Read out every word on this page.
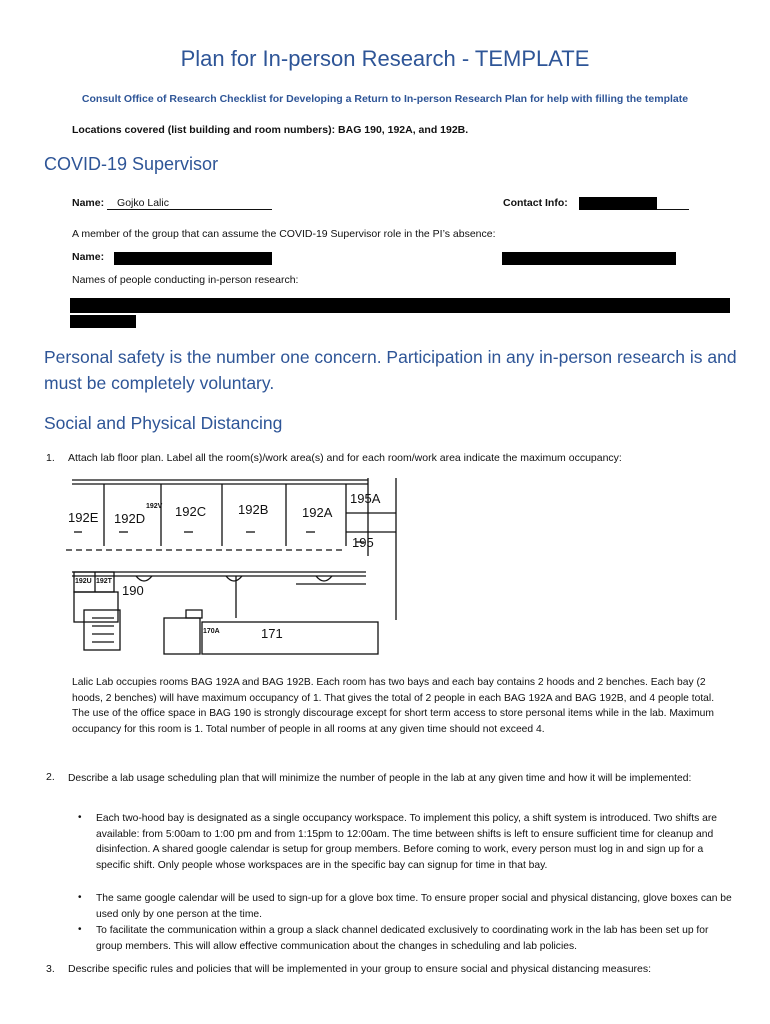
Plan for In-person Research - TEMPLATE
Consult Office of Research Checklist for Developing a Return to In-person Research Plan for help with filling the template
Locations covered (list building and room numbers): BAG 190, 192A, and 192B.
COVID-19 Supervisor
Name: Gojko Lalic	Contact Info:
A member of the group that can assume the COVID-19 Supervisor role in the PI’s absence:
Name:
Names of people conducting in-person research:
Personal safety is the number one concern. Participation in any in-person research is and must be completely voluntary.
Social and Physical Distancing
1. Attach lab floor plan. Label all the room(s)/work area(s) and for each room/work area indicate the maximum occupancy:
192E 192D 192C 192B	192A
195A
195
190
171
192U 192T
170A
192V
Lalic Lab occupies rooms BAG 192A and BAG 192B. Each room has two bays and each bay contains 2 hoods and 2 benches. Each bay (2 hoods, 2 benches) will have maximum occupancy of 1. That gives the total of 2 people in each BAG 192A and BAG 192B, and 4 people total. The use of the office space in BAG 190 is strongly discourage except for short term access to store personal items while in the lab. Maximum occupancy for this room is 1. Total number of people in all rooms at any given time should not exceed 4.
2. Describe a lab usage scheduling plan that will minimize the number of people in the lab at any given time and how it will be implemented:
• Each two-hood bay is designated as a single occupancy workspace. To implement this policy, a shift system is introduced. Two shifts are available: from 5:00am to 1:00 pm and from 1:15pm to 12:00am. The time between shifts is left to ensure sufficient time for cleanup and disinfection. A shared google calendar is setup for group members. Before coming to work, every person must log in and sign up for a specific shift. Only people whose workspaces are in the specific bay can signup for time in that bay.
• The same google calendar will be used to sign-up for a glove box time. To ensure proper social and physical distancing, glove boxes can be used only by one person at the time.
• To facilitate the communication within a group a slack channel dedicated exclusively to coordinating work in the lab has been set up for group members. This will allow effective communication about the changes in scheduling and lab policies.
3. Describe specific rules and policies that will be implemented in your group to ensure social and physical distancing measures:
